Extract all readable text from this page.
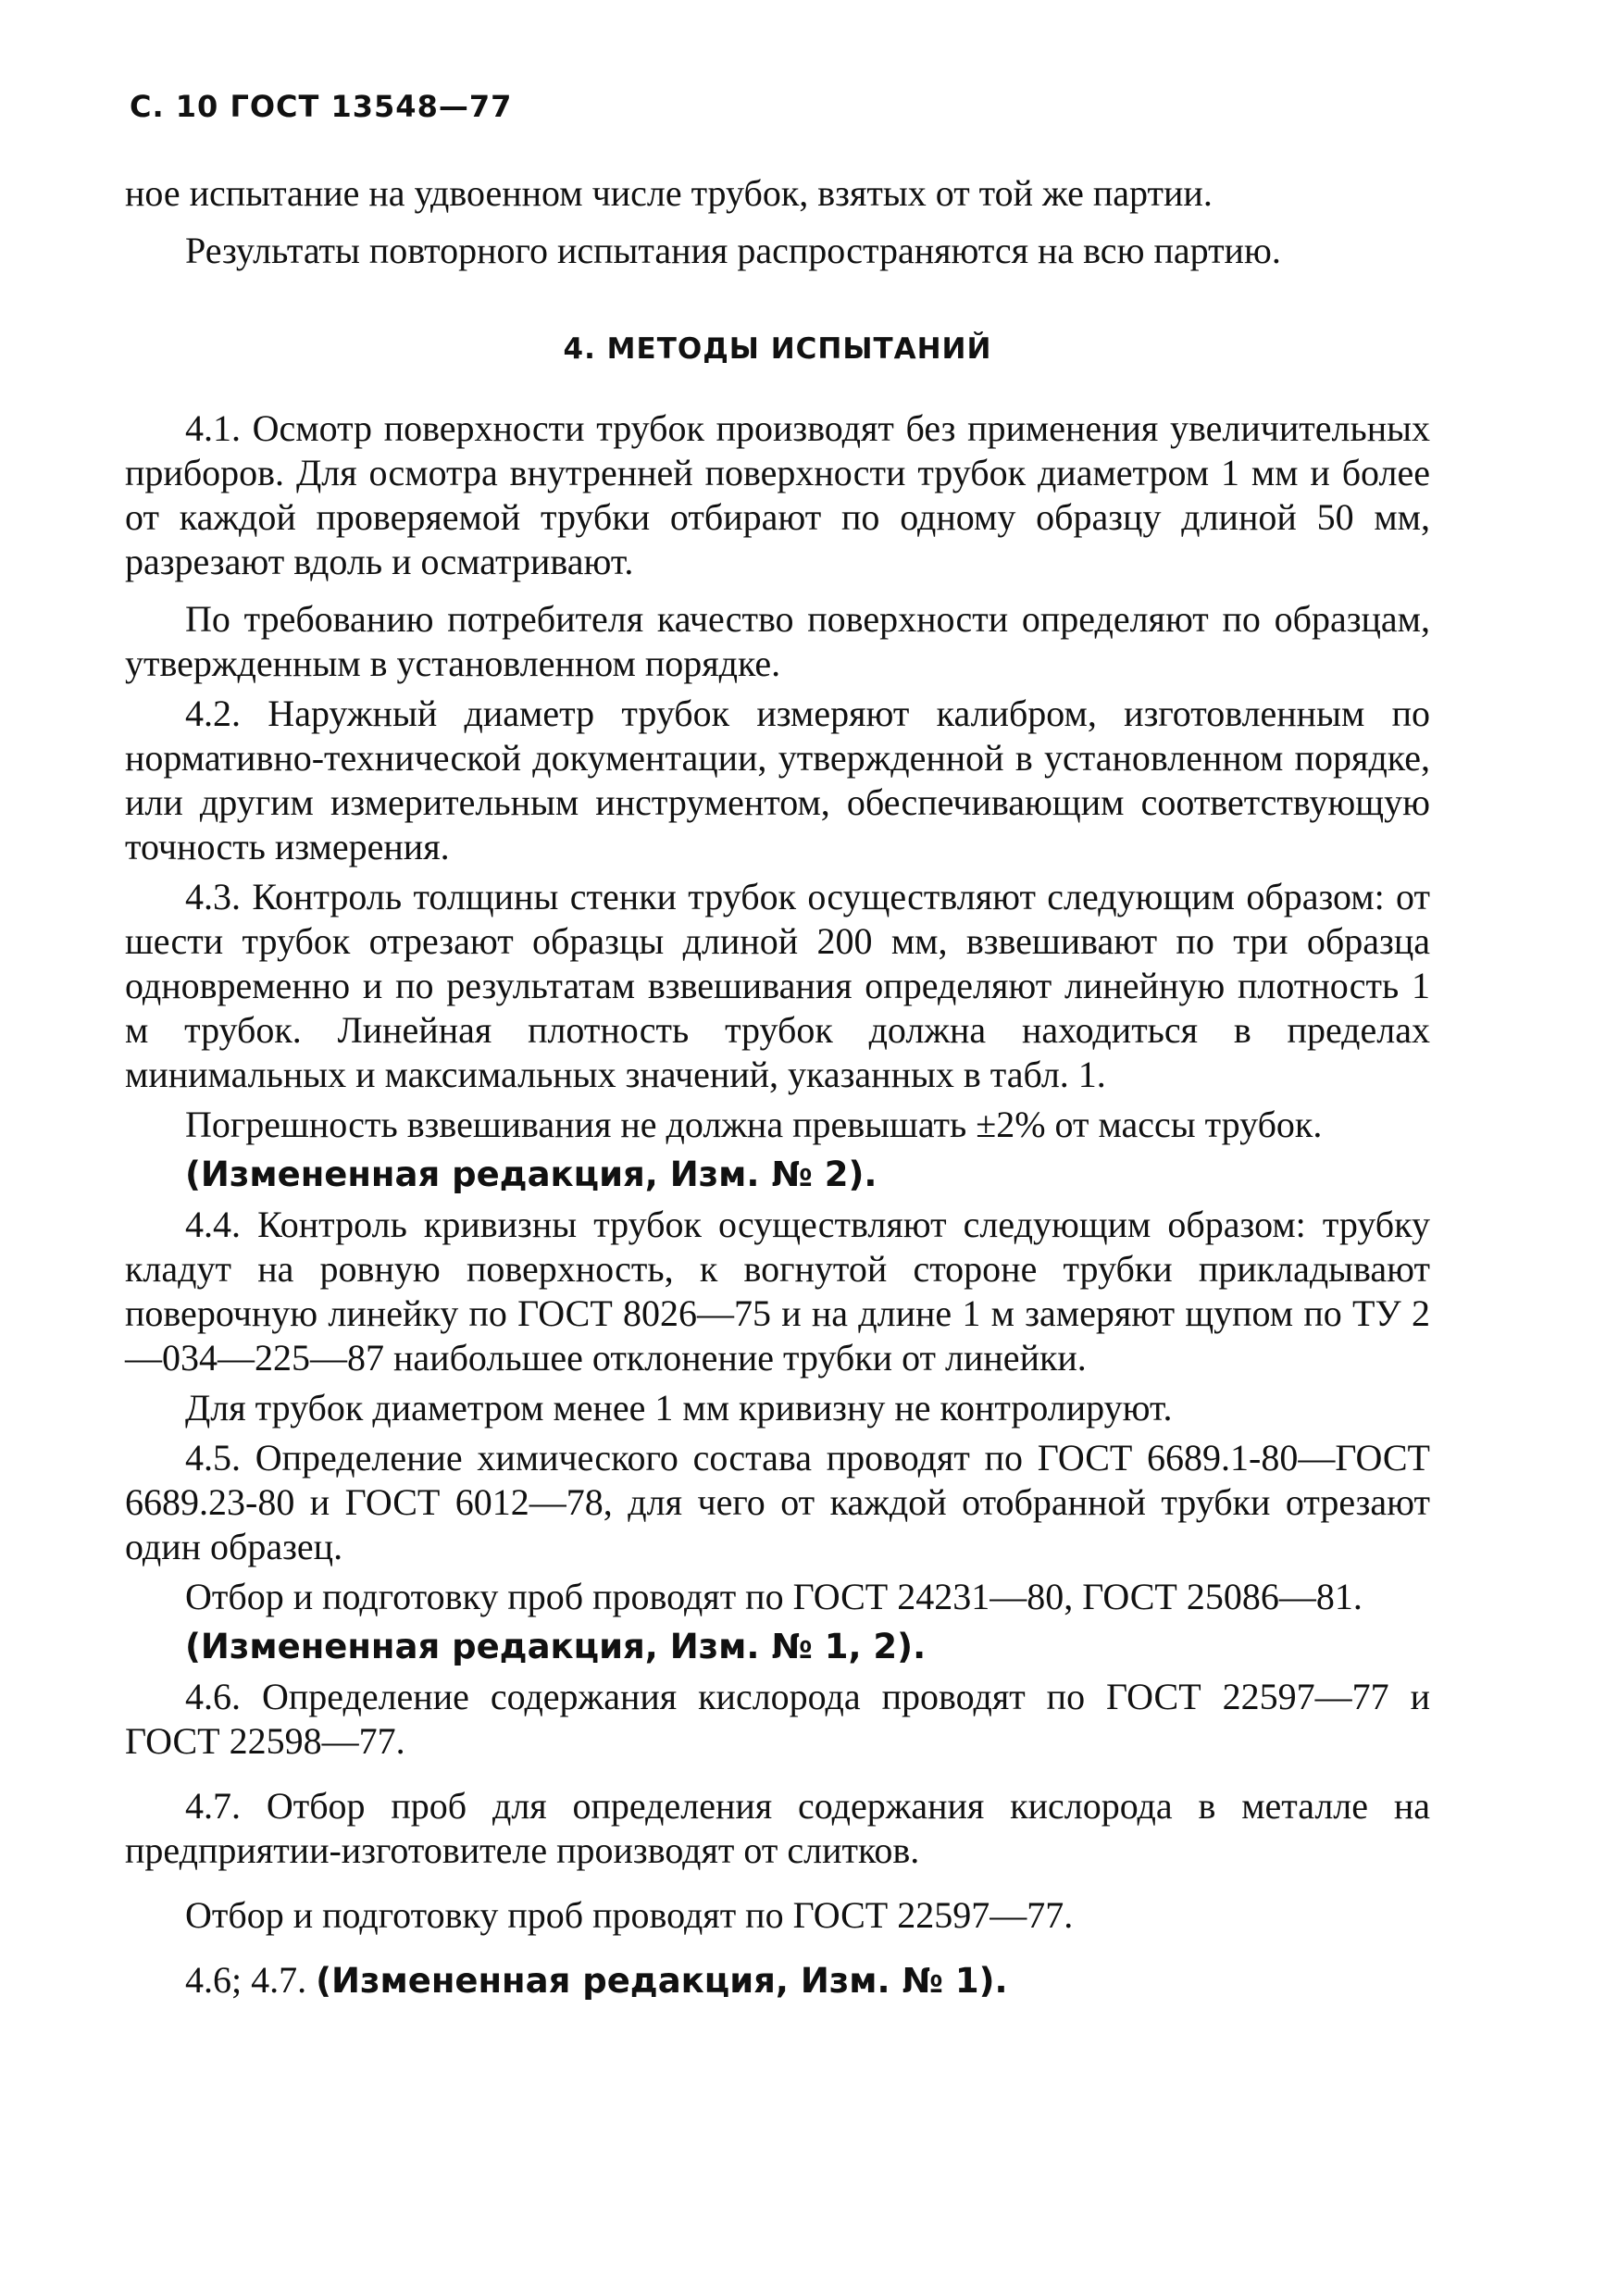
С. 10 ГОСТ 13548—77

ное испытание на удвоенном числе трубок, взятых от той же партии.

Результаты повторного испытания распространяются на всю партию.

4. МЕТОДЫ ИСПЫТАНИЙ

4.1. Осмотр поверхности трубок производят без применения увеличительных приборов. Для осмотра внутренней поверхности трубок диаметром 1 мм и более от каждой проверяемой трубки отбирают по одному образцу длиной 50 мм, разрезают вдоль и осматривают.

По требованию потребителя качество поверхности определяют по образцам, утвержденным в установленном порядке.

4.2. Наружный диаметр трубок измеряют калибром, изготовленным по нормативно-технической документации, утвержденной в установленном порядке, или другим измерительным инструментом, обеспечивающим соответствующую точность измерения.

4.3. Контроль толщины стенки трубок осуществляют следующим образом: от шести трубок отрезают образцы длиной 200 мм, взвешивают по три образца одновременно и по результатам взвешивания определяют линейную плотность 1 м трубок. Линейная плотность трубок должна находиться в пределах минимальных и максимальных значений, указанных в табл. 1.

Погрешность взвешивания не должна превышать ±2% от массы трубок.

(Измененная редакция, Изм. № 2).

4.4. Контроль кривизны трубок осуществляют следующим образом: трубку кладут на ровную поверхность, к вогнутой стороне трубки прикладывают поверочную линейку по ГОСТ 8026—75 и на длине 1 м замеряют щупом по ТУ 2—034—225—87 наибольшее отклонение трубки от линейки.

Для трубок диаметром менее 1 мм кривизну не контролируют.

4.5. Определение химического состава проводят по ГОСТ 6689.1-80—ГОСТ 6689.23-80 и ГОСТ 6012—78, для чего от каждой отобранной трубки отрезают один образец.

Отбор и подготовку проб проводят по ГОСТ 24231—80, ГОСТ 25086—81.

(Измененная редакция, Изм. № 1, 2).

4.6. Определение содержания кислорода проводят по ГОСТ 22597—77 и ГОСТ 22598—77.

4.7. Отбор проб для определения содержания кислорода в металле на предприятии-изготовителе производят от слитков.

Отбор и подготовку проб проводят по ГОСТ 22597—77.

4.6; 4.7. (Измененная редакция, Изм. № 1).
